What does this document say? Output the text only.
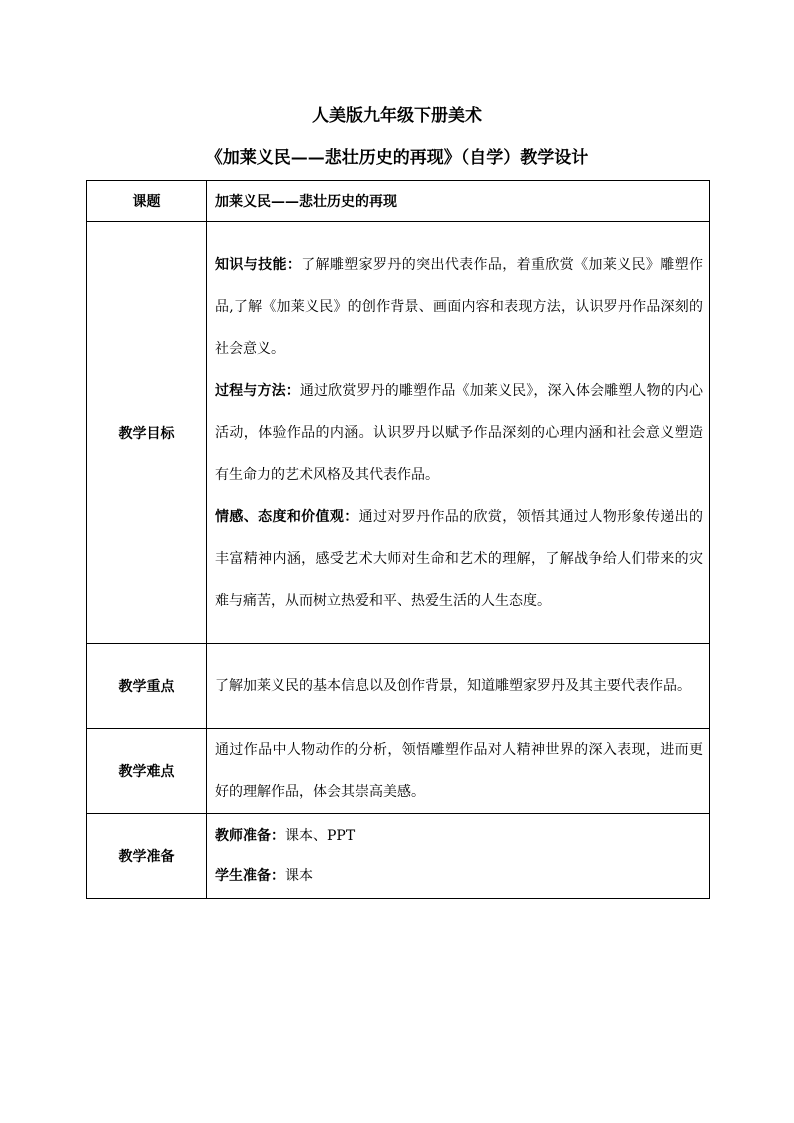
人美版九年级下册美术
《加莱义民——悲壮历史的再现》（自学）教学设计
课题	加莱义民——悲壮历史的再现
教学目标	知识与技能：了解雕塑家罗丹的突出代表作品，着重欣赏《加莱义民》雕塑作品,了解《加莱义民》的创作背景、画面内容和表现方法，认识罗丹作品深刻的社会意义。
过程与方法：通过欣赏罗丹的雕塑作品《加莱义民》，深入体会雕塑人物的内心活动，体验作品的内涵。认识罗丹以赋予作品深刻的心理内涵和社会意义塑造有生命力的艺术风格及其代表作品。
情感、态度和价值观：通过对罗丹作品的欣赏，领悟其通过人物形象传递出的丰富精神内涵，感受艺术大师对生命和艺术的理解，了解战争给人们带来的灾难与痛苦，从而树立热爱和平、热爱生活的人生态度。

教学重点	了解加莱义民的基本信息以及创作背景，知道雕塑家罗丹及其主要代表作品。
教学难点	通过作品中人物动作的分析，领悟雕塑作品对人精神世界的深入表现，进而更好的理解作品，体会其崇高美感。
教学准备	教师准备：课本、PPT
学生准备：课本
